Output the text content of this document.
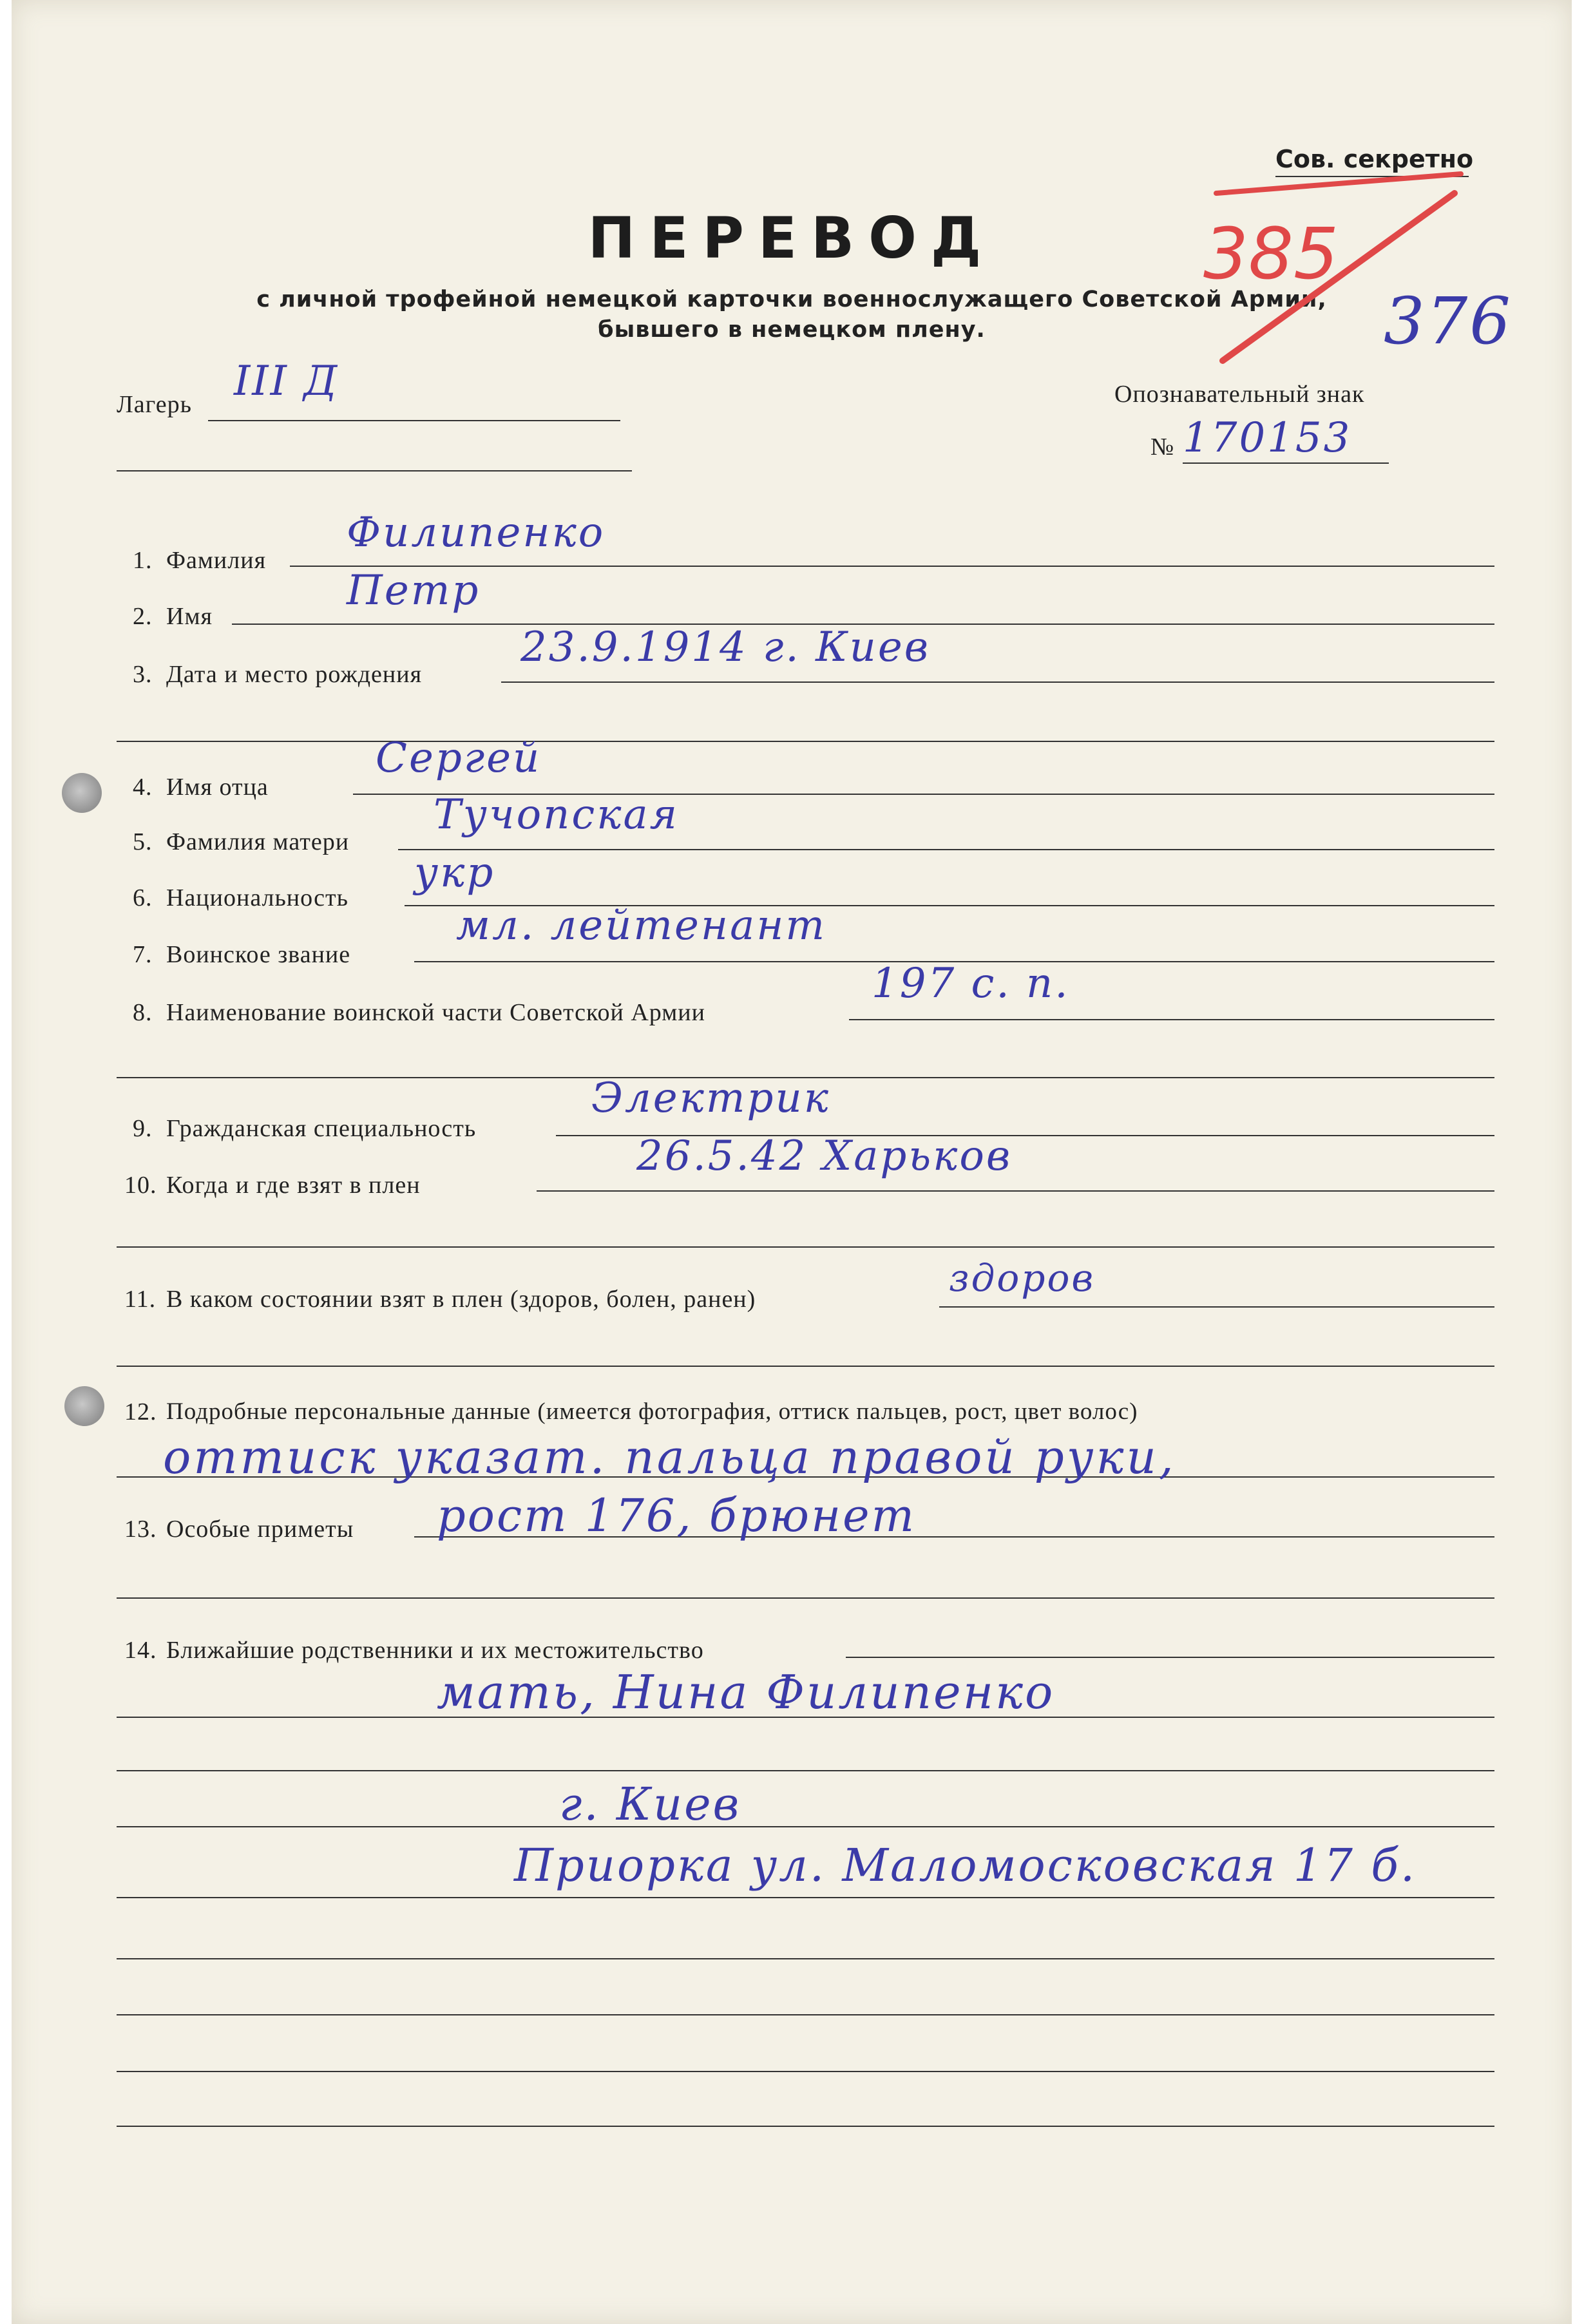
Сов. секретно
ПЕРЕВОД
с личной трофейной немецкой карточки военнослужащего Советской Армии,
бывшего в немецком плену.
385
376
Лагерь III Д	Опознавательный знак
№ 170153
1. Фамилия
Филипенко
2. Имя
Петр
3. Дата и место рождения
23.9.1914 г. Киев
4. Имя отца
Сергей
5. Фамилия матери
Тучопская
6. Национальность
укр
7. Воинское звание
мл. лейтенант
8. Наименование воинской части Советской Армии
197 с. п.
9. Гражданская специальность
Электрик
10. Когда и где взят в плен
26.5.42 Харьков
11. В каком состоянии взят в плен (здоров, болен, ранен)	здоров
12. Подробные персональные данные (имеется фотография, оттиск пальцев, рост, цвет волос)
оттиск указат. пальца правой руки,
13. Особые приметы рост 176, брюнет
14. Ближайшие родственники и их местожительство
мать, Нина Филипенко
г. Киев
Приорка ул. Маломосковская 17 б.
